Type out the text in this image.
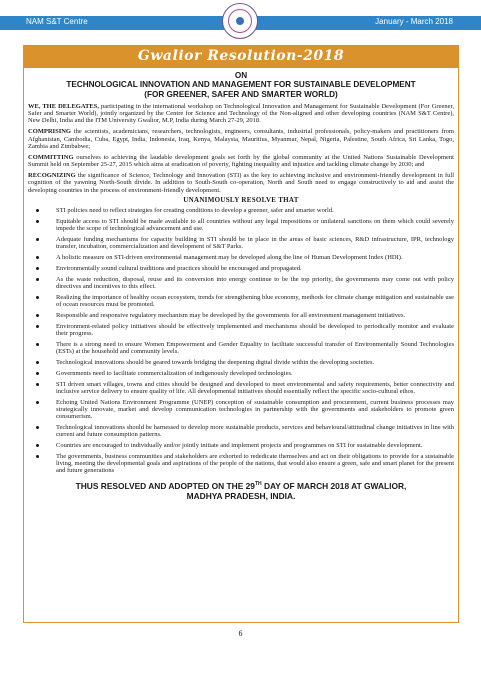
NAM S&T Centre	January - March 2018
Gwalior Resolution-2018
ON
TECHNOLOGICAL INNOVATION AND MANAGEMENT FOR SUSTAINABLE DEVELOPMENT
(FOR GREENER, SAFER AND SMARTER WORLD)
WE, THE DELEGATES, participating in the international workshop on Technological Innovation and Management for Sustainable Development (For Greener, Safer and Smarter World), jointly organized by the Centre for Science and Technology of the Non-aligned and other developing countries (NAM S&T Centre), New Delhi, India and the ITM University Gwalior, M.P, India during March 27-29, 2018.
COMPRISING the scientists, academicians, researchers, technologists, engineers, consultants, industrial professionals, policy-makers and practitioners from Afghanistan, Cambodia, Cuba, Egypt, India, Indonesia, Iraq, Kenya, Malaysia, Mauritius, Myanmar, Nepal, Nigeria, Palestine, South Africa, Sri Lanka, Togo, Zambia and Zimbabwe;
COMMITTING ourselves to achieving the laudable development goals set forth by the global community at the United Nations Sustainable Development Summit held on September 25-27, 2015 which aims at eradication of poverty, fighting inequality and injustice and tackling climate change by 2030; and
RECOGNIZING the significance of Science, Technology and Innovation (STI) as the key to achieving inclusive and environment-friendly development in full cognition of the yawning North-South divide. In addition to South-South co-operation, North and South need to engage constructively to aid and assist the developing countries in the process of environment-friendly development.
UNANIMOUSLY RESOLVE THAT
STI policies need to reflect strategies for creating conditions to develop a greener, safer and smarter world.
Equitable access to STI should be made available to all countries without any legal impositions or unilateral sanctions on them which could severely impede the scope of technological advancement and use.
Adequate funding mechanisms for capacity building in STI should be in place in the areas of basic sciences, R&D infrastructure, IPR, technology transfer, incubation, commercialization and development of S&T Parks.
A holistic measure on STI-driven environmental management may be developed along the line of Human Development Index (HDI).
Environmentally sound cultural traditions and practices should be encouraged and propagated.
As the waste reduction, disposal, reuse and its conversion into energy continue to be the top priority, the governments may come out with policy directives and incentives to this effect.
Realizing the importance of healthy ocean ecosystem, trends for strengthening blue economy, methods for climate change mitigation and sustainable use of ocean resources must be promoted.
Responsible and responsive regulatory mechanism may be developed by the governments for all environment management initiatives.
Environment-related policy initiatives should be effectively implemented and mechanisms should be developed to periodically monitor and evaluate their progress.
There is a strong need to ensure Women Empowerment and Gender Equality to facilitate successful transfer of Environmentally Sound Technologies (ESTs) at the household and community levels.
Technological innovations should be geared towards bridging the deepening digital divide within the developing societies.
Governments need to facilitate commercialization of indigenously developed technologies.
STI driven smart villages, towns and cities should be designed and developed to meet environmental and safety requirements, better connectivity and inclusive service delivery to ensure quality of life. All developmental initiatives should essentially reflect the specific socio-cultural ethos.
Echoing United Nations Environment Programme (UNEP) conception of sustainable consumption and procurement, current business processes may strategically innovate, market and develop communication technologies in partnership with the governments and stakeholders to promote green consumerism.
Technological innovations should be harnessed to develop more sustainable products, services and behavioural/attitudinal change initiatives in line with current and future consumption patterns.
Countries are encouraged to individually and/or jointly initiate and implement projects and programmes on STI for sustainable development.
The governments, business communities and stakeholders are exhorted to rededicate themselves and act on their obligations to provide for a sustainable living, meeting the developmental goals and aspirations of the people of the nations, that would also ensure a green, safe and smart planet for the present and future generations
THUS RESOLVED AND ADOPTED ON THE 29TH DAY OF MARCH 2018 AT GWALIOR,
MADHYA PRADESH, INDIA.
6
